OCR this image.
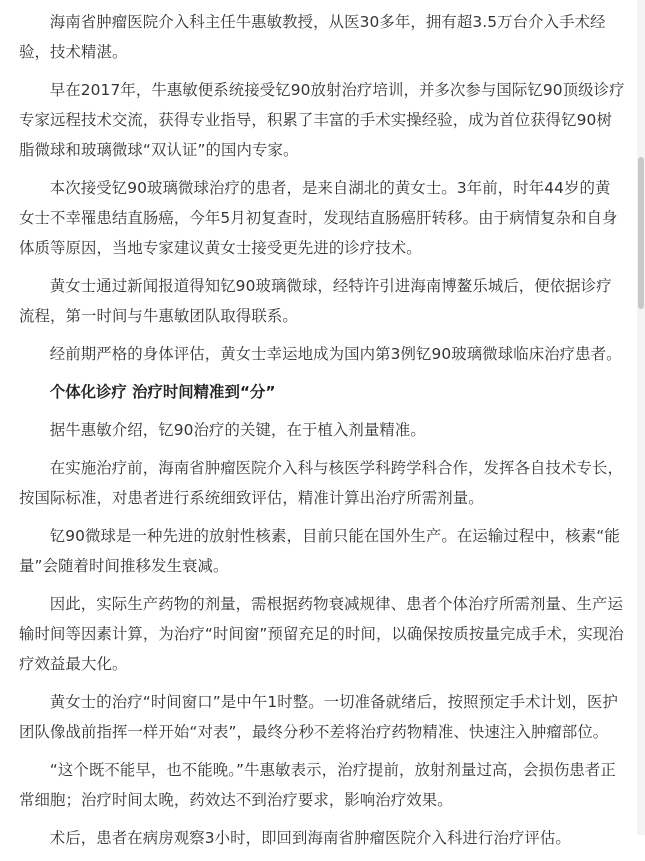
海南省肿瘤医院介入科主任牛惠敏教授，从医30多年，拥有超3.5万台介入手术经验，技术精湛。

早在2017年，牛惠敏便系统接受钇90放射治疗培训，并多次参与国际钇90顶级诊疗专家远程技术交流，获得专业指导，积累了丰富的手术实操经验，成为首位获得钇90树脂微球和玻璃微球“双认证”的国内专家。

本次接受钇90玻璃微球治疗的患者，是来自湖北的黄女士。3年前，时年44岁的黄女士不幸罹患结直肠癌，今年5月初复查时，发现结直肠癌肝转移。由于病情复杂和自身体质等原因，当地专家建议黄女士接受更先进的诊疗技术。

黄女士通过新闻报道得知钇90玻璃微球，经特许引进海南博鳌乐城后，便依据诊疗流程，第一时间与牛惠敏团队取得联系。

经前期严格的身体评估，黄女士幸运地成为国内第3例钇90玻璃微球临床治疗患者。

个体化诊疗 治疗时间精准到“分”

据牛惠敏介绍，钇90治疗的关键，在于植入剂量精准。

在实施治疗前，海南省肿瘤医院介入科与核医学科跨学科合作，发挥各自技术专长，按国际标准，对患者进行系统细致评估，精准计算出治疗所需剂量。

钇90微球是一种先进的放射性核素，目前只能在国外生产。在运输过程中，核素“能量”会随着时间推移发生衰减。

因此，实际生产药物的剂量，需根据药物衰减规律、患者个体治疗所需剂量、生产运输时间等因素计算，为治疗“时间窗”预留充足的时间，以确保按质按量完成手术，实现治疗效益最大化。

黄女士的治疗“时间窗口”是中午1时整。一切准备就绪后，按照预定手术计划，医护团队像战前指挥一样开始“对表”，最终分秒不差将治疗药物精准、快速注入肿瘤部位。

“这个既不能早，也不能晚。”牛惠敏表示，治疗提前，放射剂量过高，会损伤患者正常细胞；治疗时间太晚，药效达不到治疗要求，影响治疗效果。

术后，患者在病房观察3小时，即回到海南省肿瘤医院介入科进行治疗评估。
